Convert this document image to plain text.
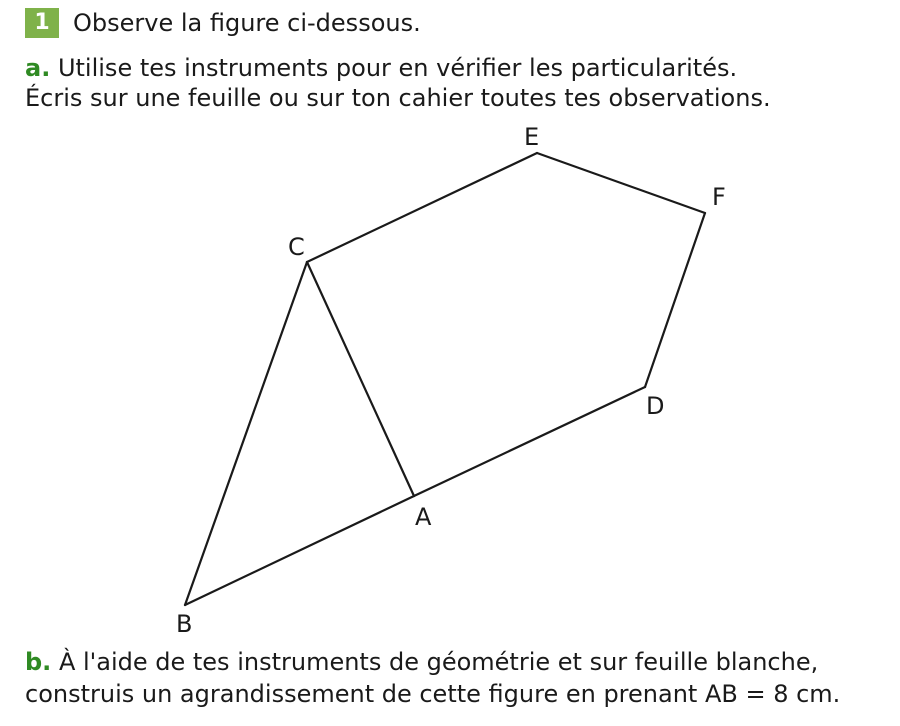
1 Observe la figure ci-dessous.
a. Utilise tes instruments pour en vérifier les particularités.
Écris sur une feuille ou sur ton cahier toutes tes observations.
E
F
C
D
A
B
b. À l'aide de tes instruments de géométrie et sur feuille blanche,
construis un agrandissement de cette figure en prenant AB = 8 cm.
